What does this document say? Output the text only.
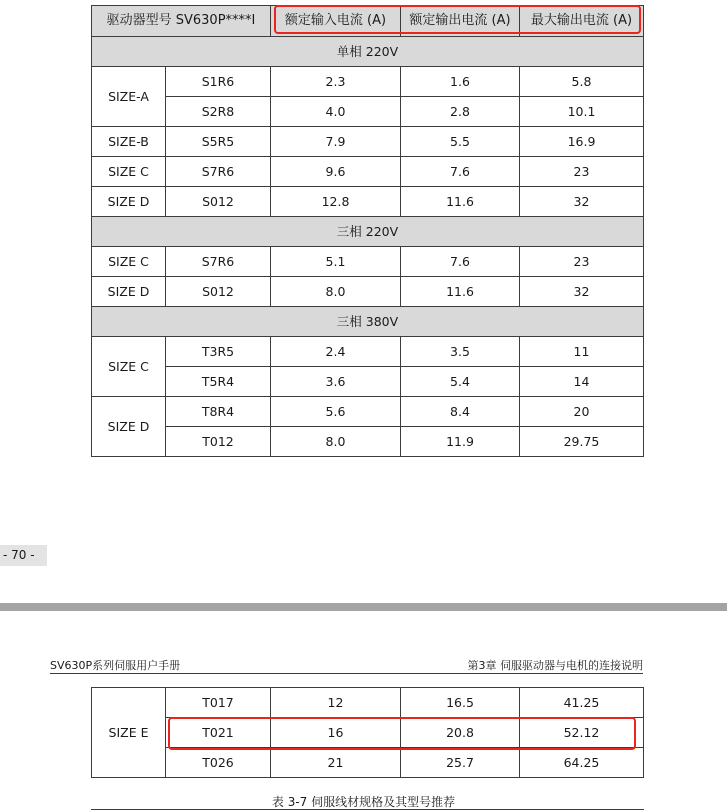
驱动器型号 SV630P****I		额定输入电流 (A)	额定输出电流 (A)	最大输出电流 (A)
单相 220V				
SIZE-A	S1R6	2.3	1.6	5.8
	S2R8	4.0	2.8	10.1
SIZE-B	S5R5	7.9	5.5	16.9
SIZE C	S7R6	9.6	7.6	23
SIZE D	S012	12.8	11.6	32
三相 220V				
SIZE C	S7R6	5.1	7.6	23
SIZE D	S012	8.0	11.6	32
三相 380V				
SIZE C	T3R5	2.4	3.5	11
	T5R4	3.6	5.4	14
SIZE D	T8R4	5.6	8.4	20
	T012	8.0	11.9	29.75
- 70 -
SV630P系列伺服用户手册	第3章 伺服驱动器与电机的连接说明
SIZE E	T017	12	16.5	41.25
	T021	16	20.8	52.12
	T026	21	25.7	64.25
表 3-7 伺服线材规格及其型号推荐
